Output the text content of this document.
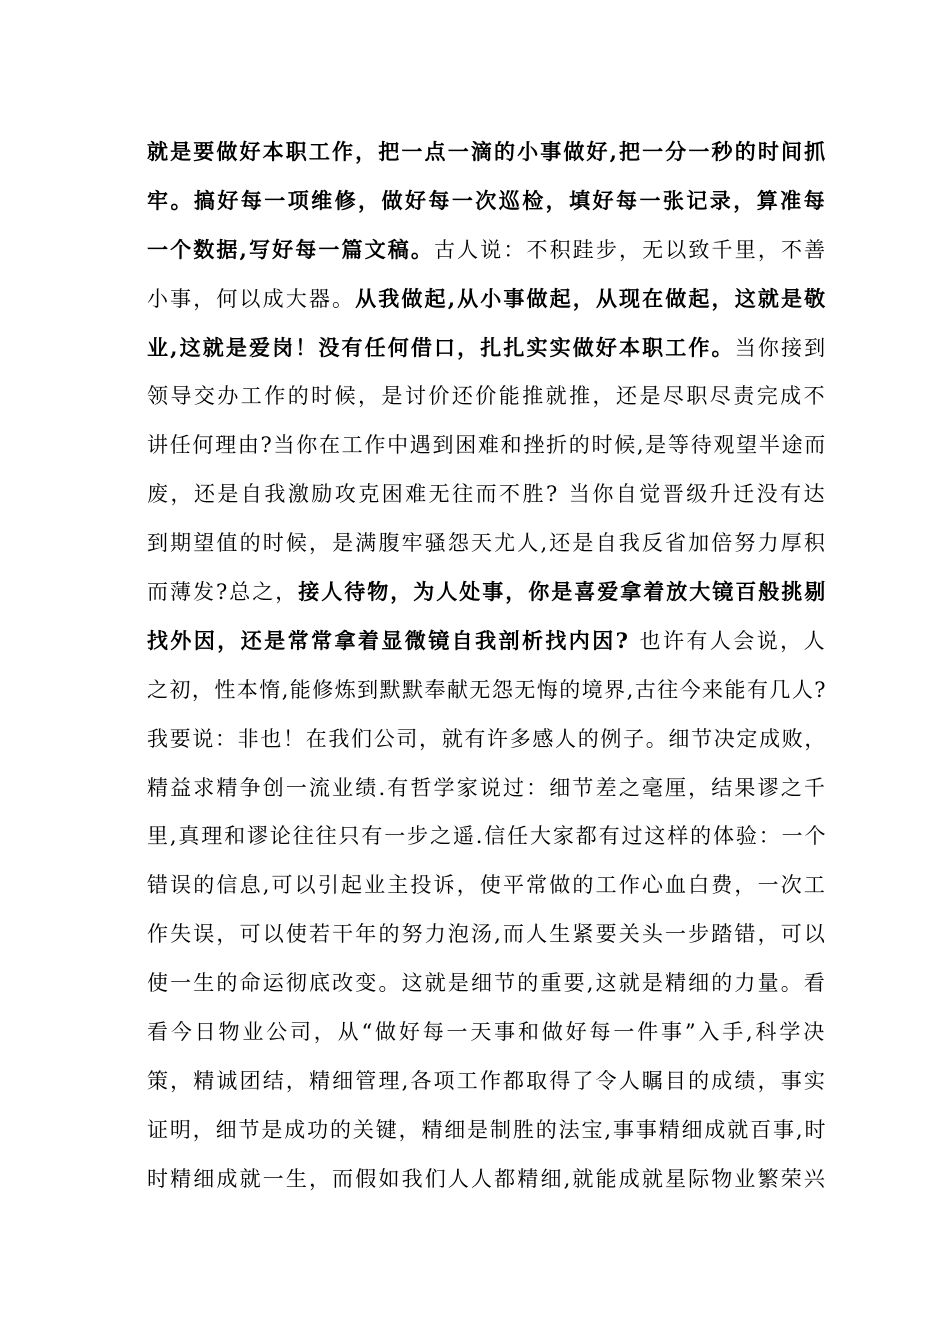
就是要做好本职工作，把一点一滴的小事做好,把一分一秒的时间抓
牢。搞好每一项维修，做好每一次巡检，填好每一张记录，算准每
一个数据,写好每一篇文稿。古人说：不积跬步，无以致千里，不善
小事，何以成大器。从我做起,从小事做起，从现在做起，这就是敬
业,这就是爱岗！没有任何借口，扎扎实实做好本职工作。当你接到
领导交办工作的时候，是讨价还价能推就推，还是尽职尽责完成不
讲任何理由?当你在工作中遇到困难和挫折的时候,是等待观望半途而
废，还是自我激励攻克困难无往而不胜? 当你自觉晋级升迁没有达
到期望值的时候，是满腹牢骚怨天尤人,还是自我反省加倍努力厚积
而薄发?总之，接人待物，为人处事，你是喜爱拿着放大镜百般挑剔
找外因，还是常常拿着显微镜自我剖析找内因? 也许有人会说，人
之初，性本惰,能修炼到默默奉献无怨无悔的境界,古往今来能有几人?
我要说：非也！在我们公司，就有许多感人的例子。细节决定成败，
精益求精争创一流业绩.有哲学家说过：细节差之毫厘，结果谬之千
里,真理和谬论往往只有一步之遥.信任大家都有过这样的体验：一个
错误的信息,可以引起业主投诉，使平常做的工作心血白费，一次工
作失误，可以使若干年的努力泡汤,而人生紧要关头一步踏错，可以
使一生的命运彻底改变。这就是细节的重要,这就是精细的力量。看
看今日物业公司，从“做好每一天事和做好每一件事”入手,科学决
策，精诚团结，精细管理,各项工作都取得了令人瞩目的成绩，事实
证明，细节是成功的关键，精细是制胜的法宝,事事精细成就百事,时
时精细成就一生，而假如我们人人都精细,就能成就星际物业繁荣兴
